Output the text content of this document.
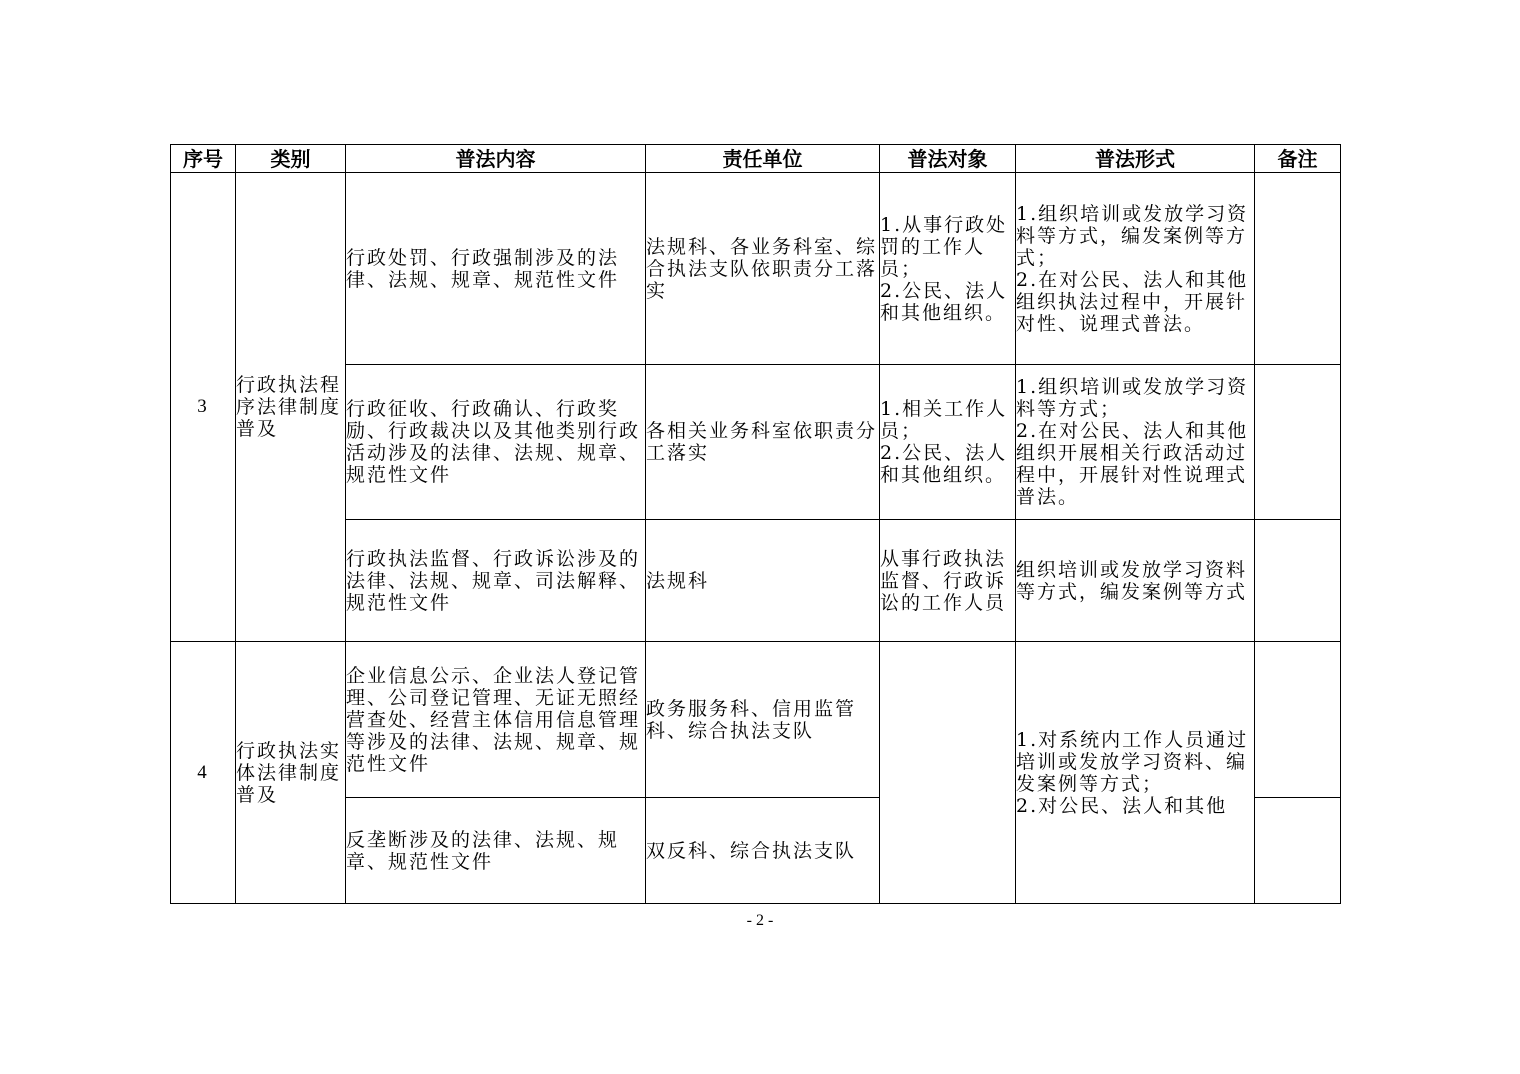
序号	类别	普法内容	责任单位	普法对象	普法形式	备注
3	行政执法程序法律制度普及	行政处罚、行政强制涉及的法律、法规、规章、规范性文件	法规科、各业务科室、综合执法支队依职责分工落实	1.从事行政处罚的工作人员；
2.公民、法人和其他组织。	1.组织培训或发放学习资料等方式，编发案例等方式；
2.在对公民、法人和其他组织执法过程中，开展针对性、说理式普法。	

		行政征收、行政确认、行政奖励、行政裁决以及其他类别行政活动涉及的法律、法规、规章、规范性文件	各相关业务科室依职责分工落实	1.相关工作人员；
2.公民、法人和其他组织。	1.组织培训或发放学习资料等方式；
2.在对公民、法人和其他组织开展相关行政活动过程中，开展针对性说理式普法。	

		行政执法监督、行政诉讼涉及的法律、法规、规章、司法解释、规范性文件	法规科	从事行政执法监督、行政诉讼的工作人员	组织培训或发放学习资料等方式，编发案例等方式	

4	行政执法实体法律制度普及	企业信息公示、企业法人登记管理、公司登记管理、无证无照经营查处、经营主体信用信息管理等涉及的法律、法规、规章、规范性文件	政务服务科、信用监管科、综合执法支队		1.对系统内工作人员通过培训或发放学习资料、编发案例等方式；
2.对公民、法人和其他	

		反垄断涉及的法律、法规、规章、规范性文件	双反科、综合执法支队			
- 2 -
